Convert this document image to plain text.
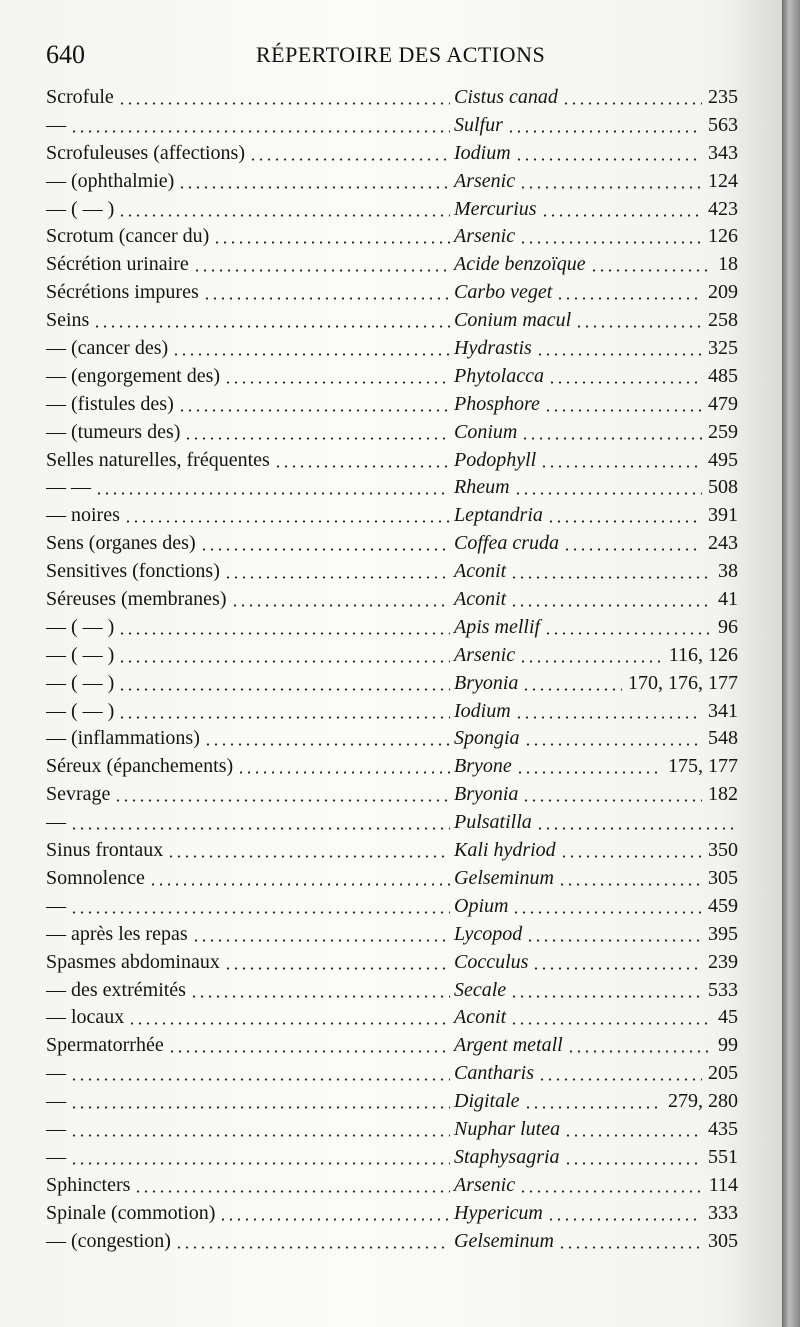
640	RÉPERTOIRE DES ACTIONS
Scrofule	Cistus canad	235
—	Sulfur	563
Scrofuleuses (affections)	Iodium	343
— (ophthalmie)	Arsenic	124
— ( — )	Mercurius	423
Scrotum (cancer du)	Arsenic	126
Sécrétion urinaire	Acide benzoïque	18
Sécrétions impures	Carbo veget	209
Seins	Conium macul	258
— (cancer des)	Hydrastis	325
— (engorgement des)	Phytolacca	485
— (fistules des)	Phosphore	479
— (tumeurs des)	Conium	259
Selles naturelles, fréquentes	Podophyll	495
— —	Rheum	508
— noires	Leptandria	391
Sens (organes des)	Coffea cruda	243
Sensitives (fonctions)	Aconit	38
Séreuses (membranes)	Aconit	41
— ( — )	Apis mellif	96
— ( — )	Arsenic	116, 126
— ( — )	Bryonia	170, 176, 177
— ( — )	Iodium	341
— (inflammations)	Spongia	548
Séreux (épanchements)	Bryone	175, 177
Sevrage	Bryonia	182
—	Pulsatilla
Sinus frontaux	Kali hydriod	350
Somnolence	Gelseminum	305
—	Opium	459
— après les repas	Lycopod	395
Spasmes abdominaux	Cocculus	239
— des extrémités	Secale	533
— locaux	Aconit	45
Spermatorrhée	Argent metall	99
—	Cantharis	205
—	Digitale	279, 280
—	Nuphar lutea	435
—	Staphysagria	551
Sphincters	Arsenic	114
Spinale (commotion)	Hypericum	333
— (congestion)	Gelseminum	305
